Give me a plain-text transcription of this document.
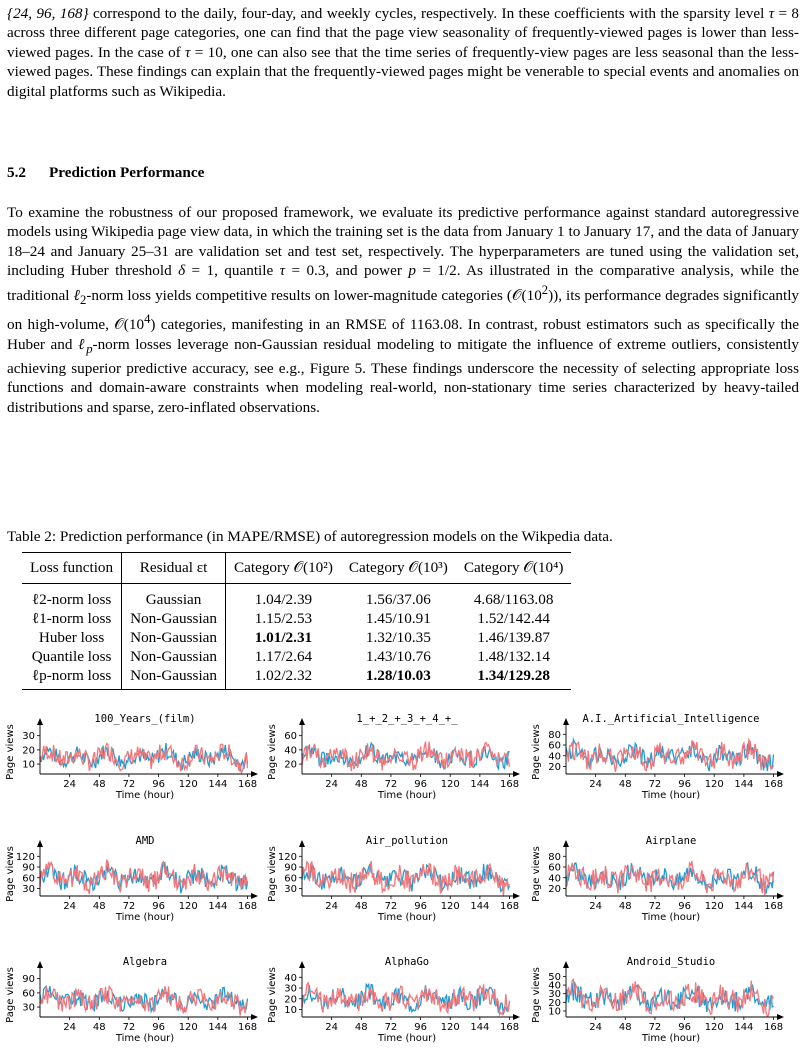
{24, 96, 168} correspond to the daily, four-day, and weekly cycles, respectively. In these coefficients with the sparsity level τ = 8 across three different page categories, one can find that the page view seasonality of frequently-viewed pages is lower than less-viewed pages. In the case of τ = 10, one can also see that the time series of frequently-view pages are less seasonal than the less-viewed pages. These findings can explain that the frequently-viewed pages might be venerable to special events and anomalies on digital platforms such as Wikipedia.

5.2 Prediction Performance

To examine the robustness of our proposed framework, we evaluate its predictive performance against standard autoregressive models using Wikipedia page view data, in which the training set is the data from January 1 to January 17, and the data of January 18–24 and January 25–31 are validation set and test set, respectively. The hyperparameters are tuned using the validation set, including Huber threshold δ = 1, quantile τ = 0.3, and power p = 1/2. As illustrated in the comparative analysis, while the traditional ℓ$_2$-norm loss yields competitive results on lower-magnitude categories $(𝒪(10^2))$, its performance degrades significantly on high-volume, $𝒪(10^4)$ categories, manifesting in an RMSE of 1163.08. In contrast, robust estimators such as specifically the Huber and ℓ$_p$-norm losses leverage non-Gaussian residual modeling to mitigate the influence of extreme outliers, consistently achieving superior predictive accuracy, see e.g., Figure 5. These findings underscore the necessity of selecting appropriate loss functions and domain-aware constraints when modeling real-world, non-stationary time series characterized by heavy-tailed distributions and sparse, zero-inflated observations.

Table 2: Prediction performance (in MAPE/RMSE) of autoregression models on the Wikpedia data.

Loss function	Residual εt	Category 𝒪(10²)	Category 𝒪(10³)	Category 𝒪(10⁴)
ℓ2-norm loss	Gaussian	1.04/2.39	1.56/37.06	4.68/1163.08
ℓ1-norm loss	Non-Gaussian	1.15/2.53	1.45/10.91	1.52/142.44
Huber loss	Non-Gaussian	1.01/2.31	1.32/10.35	1.46/139.87
Quantile loss	Non-Gaussian	1.17/2.64	1.43/10.76	1.48/132.14
ℓp-norm loss	Non-Gaussian	1.02/2.32	1.28/10.03	1.34/129.28
100_Years_(film)
24 48 72 96 120 144 168
10
20
30
Time (hour)
Page views
1_+_2_+_3_+_4_+_
24 48 72 96 120 144 168
20
40
60
Time (hour)
Page views
A.I._Artificial_Intelligence
24 48 72 96 120 144 168
20
40
60
80
Time (hour)
Page views
AMD
24 48 72 96 120 144 168
30
60
90
120
Time (hour)
Page views
Air_pollution
24 48 72 96 120 144 168
30
60
90
120
Time (hour)
Page views
Airplane
24 48 72 96 120 144 168
20
40
60
80
Time (hour)
Page views
Algebra
24 48 72 96 120 144 168
30
60
90
Time (hour)
Page views
AlphaGo
24 48 72 96 120 144 168
10
20
30
40
Time (hour)
Page views
Android_Studio
24 48 72 96 120 144 168
10
20
30
40
50
Time (hour)
Page views
